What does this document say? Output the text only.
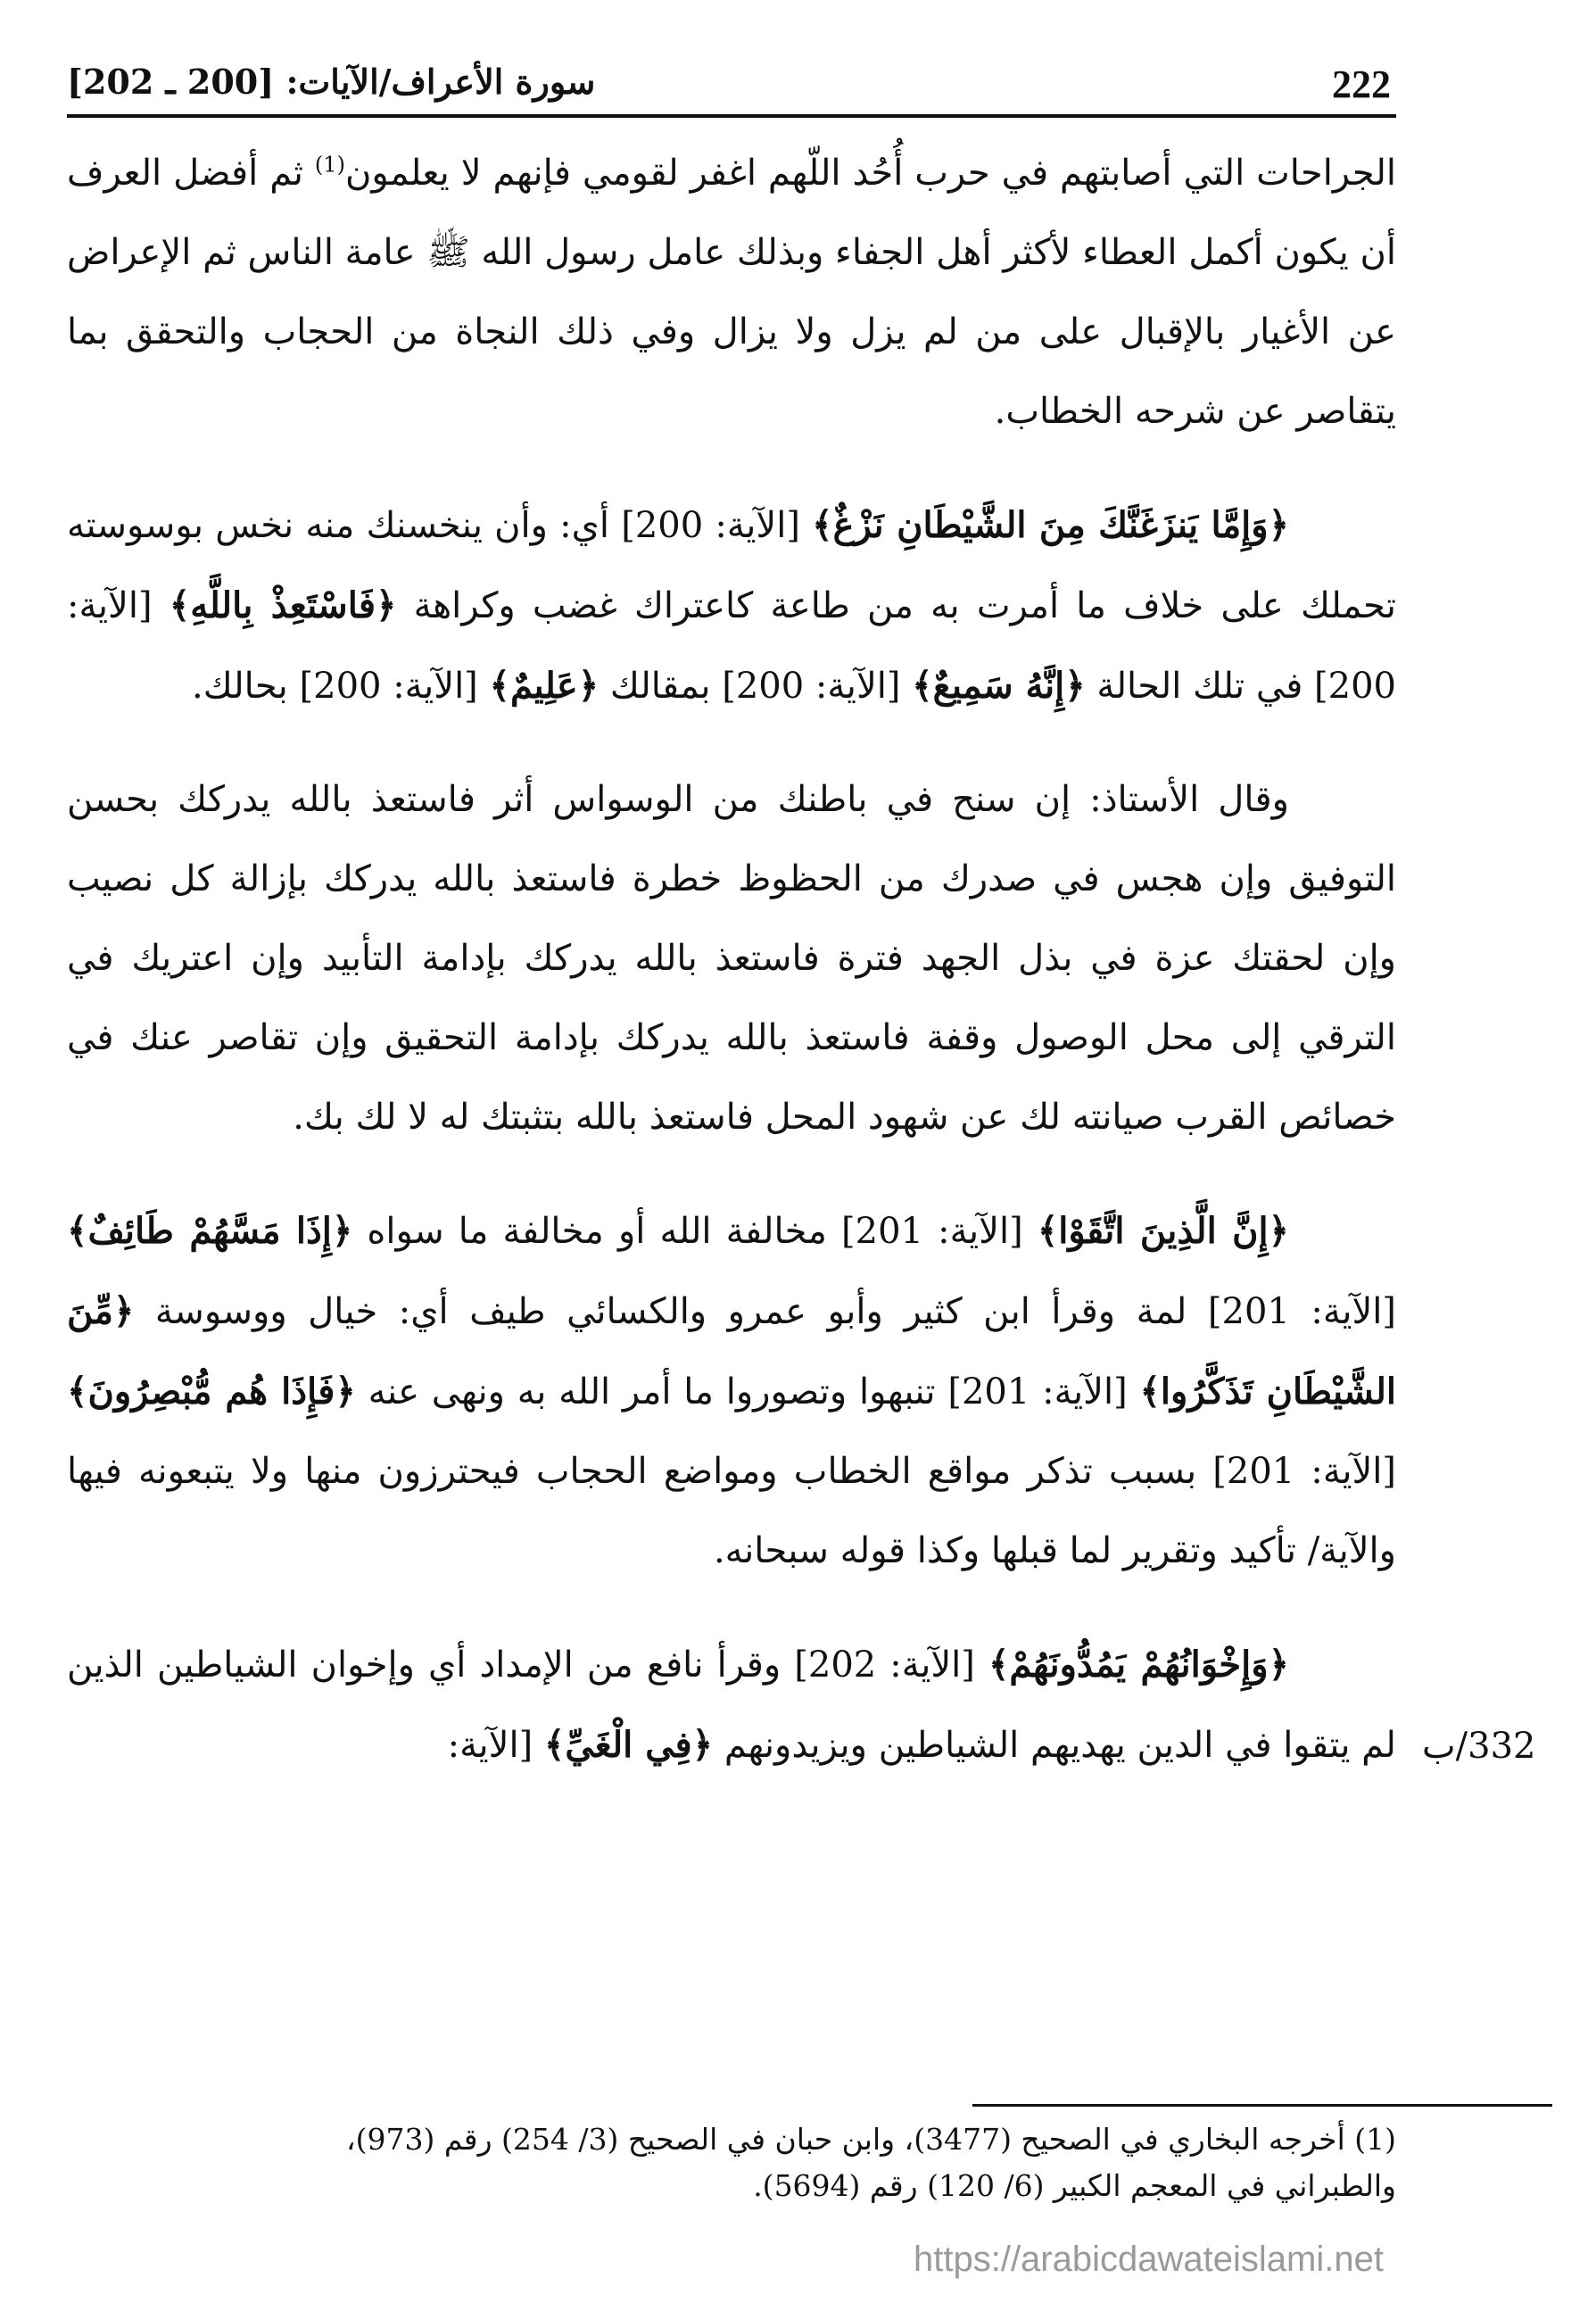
222
سورة الأعراف/الآيات: [200 ـ 202]

الجراحات التي أصابتهم في حرب أُحُد اللّهم اغفر لقومي فإنهم لا يعلمون$^{(1)}$ ثم أفضل العرف أن يكون أكمل العطاء لأكثر أهل الجفاء وبذلك عامل رسول الله ﷺ عامة الناس ثم الإعراض عن الأغيار بالإقبال على من لم يزل ولا يزال وفي ذلك النجاة من الحجاب والتحقق بما يتقاصر عن شرحه الخطاب.

﴿وَإِمَّا يَنزَغَنَّكَ مِنَ الشَّيْطَانِ نَزْغٌ﴾ [الآية: 200] أي: وأن ينخسنك منه نخس بوسوسته تحملك على خلاف ما أمرت به من طاعة كاعتراك غضب وكراهة ﴿فَاسْتَعِذْ بِاللَّهِ﴾ [الآية: 200] في تلك الحالة ﴿إِنَّهُ سَمِيعٌ﴾ [الآية: 200] بمقالك ﴿عَلِيمٌ﴾ [الآية: 200] بحالك.

وقال الأستاذ: إن سنح في باطنك من الوسواس أثر فاستعذ بالله يدركك بحسن التوفيق وإن هجس في صدرك من الحظوظ خطرة فاستعذ بالله يدركك بإزالة كل نصيب وإن لحقتك عزة في بذل الجهد فترة فاستعذ بالله يدركك بإدامة التأبيد وإن اعتريك في الترقي إلى محل الوصول وقفة فاستعذ بالله يدركك بإدامة التحقيق وإن تقاصر عنك في خصائص القرب صيانته لك عن شهود المحل فاستعذ بالله بتثبتك له لا لك بك.

﴿إِنَّ الَّذِينَ اتَّقَوْا﴾ [الآية: 201] مخالفة الله أو مخالفة ما سواه ﴿إِذَا مَسَّهُمْ طَائِفٌ﴾ [الآية: 201] لمة وقرأ ابن كثير وأبو عمرو والكسائي طيف أي: خيال ووسوسة ﴿مِّنَ الشَّيْطَانِ تَذَكَّرُوا﴾ [الآية: 201] تنبهوا وتصوروا ما أمر الله به ونهى عنه ﴿فَإِذَا هُم مُّبْصِرُونَ﴾ [الآية: 201] بسبب تذكر مواقع الخطاب ومواضع الحجاب فيحترزون منها ولا يتبعونه فيها والآية/ تأكيد وتقرير لما قبلها وكذا قوله سبحانه.

﴿وَإِخْوَانُهُمْ يَمُدُّونَهُمْ﴾ [الآية: 202] وقرأ نافع من الإمداد أي وإخوان الشياطين الذين لم يتقوا في الدين يهديهم الشياطين ويزيدونهم ﴿فِي الْغَيِّ﴾ [الآية:	332/ب
(1) أخرجه البخاري في الصحيح (3477)، وابن حبان في الصحيح (3/ 254) رقم (973)،
والطبراني في المعجم الكبير (6/ 120) رقم (5694).
https://arabicdawateislami.net
